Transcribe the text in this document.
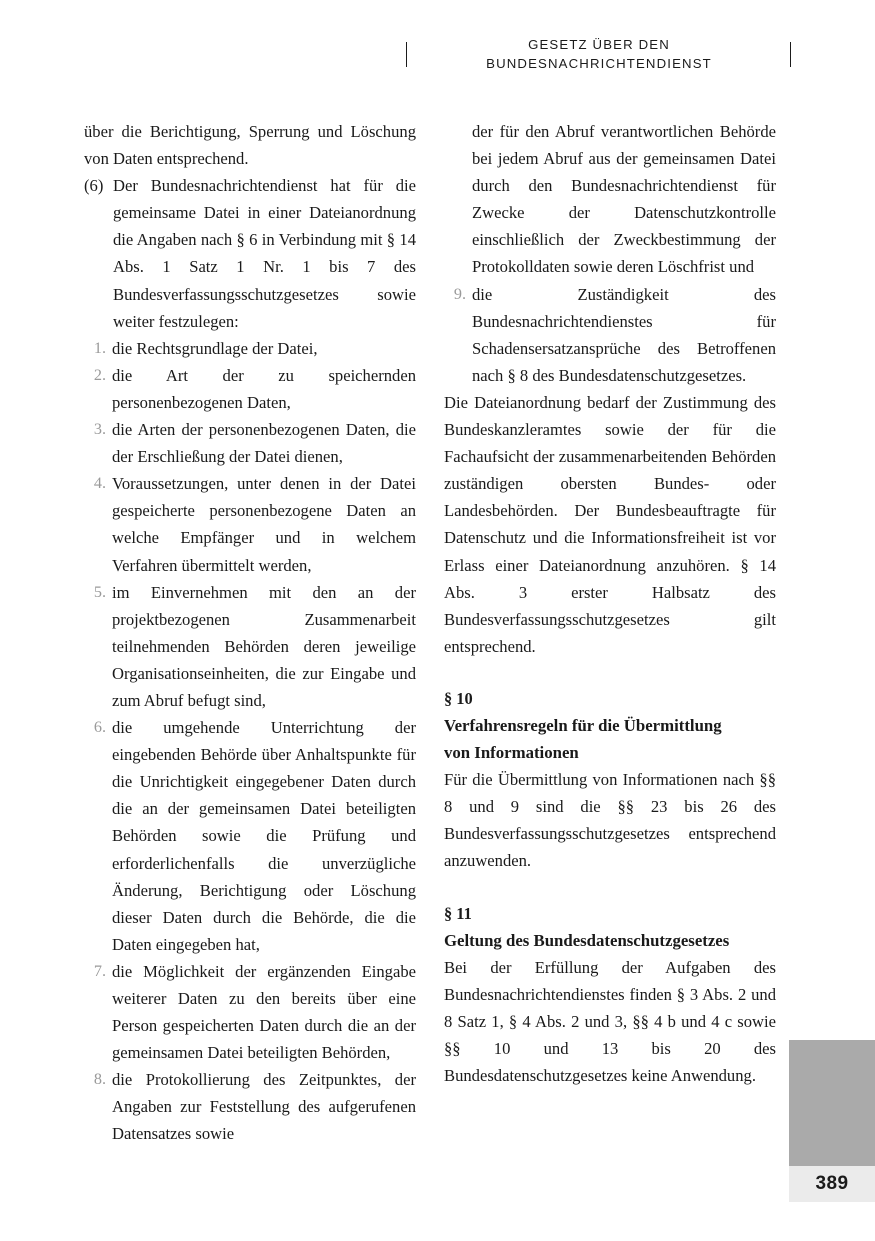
GESETZ ÜBER DEN
BUNDESNACHRICHTENDIENST

über die Berichtigung, Sperrung und Löschung von Daten entsprechend.

(6) Der Bundesnachrichtendienst hat für die gemeinsame Datei in einer Dateianordnung die Angaben nach § 6 in Verbindung mit § 14 Abs. 1 Satz 1 Nr. 1 bis 7 des Bundesverfassungsschutzgesetzes sowie weiter festzulegen:
1. die Rechtsgrundlage der Datei,
2. die Art der zu speichernden personenbezogenen Daten,
3. die Arten der personenbezogenen Daten, die der Erschließung der Datei dienen,
4. Voraussetzungen, unter denen in der Datei gespeicherte personenbezogene Daten an welche Empfänger und in welchem Verfahren übermittelt werden,
5. im Einvernehmen mit den an der projektbezogenen Zusammenarbeit teilnehmenden Behörden deren jeweilige Organisationseinheiten, die zur Eingabe und zum Abruf befugt sind,
6. die umgehende Unterrichtung der eingebenden Behörde über Anhaltspunkte für die Unrichtigkeit eingegebener Daten durch die an der gemeinsamen Datei beteiligten Behörden sowie die Prüfung und erforderlichenfalls die unverzügliche Änderung, Berichtigung oder Löschung dieser Daten durch die Behörde, die die Daten eingegeben hat,
7. die Möglichkeit der ergänzenden Eingabe weiterer Daten zu den bereits über eine Person gespeicherten Daten durch die an der gemeinsamen Datei beteiligten Behörden,
8. die Protokollierung des Zeitpunktes, der Angaben zur Feststellung des aufgerufenen Datensatzes sowie

der für den Abruf verantwortlichen Behörde bei jedem Abruf aus der gemeinsamen Datei durch den Bundesnachrichtendienst für Zwecke der Datenschutzkontrolle einschließlich der Zweckbestimmung der Protokolldaten sowie deren Löschfrist und

9. die Zuständigkeit des Bundesnachrichtendienstes für Schadensersatzansprüche des Betroffenen nach § 8 des Bundesdatenschutzgesetzes.

Die Dateianordnung bedarf der Zustimmung des Bundeskanzleramtes sowie der für die Fachaufsicht der zusammenarbeitenden Behörden zuständigen obersten Bundes- oder Landesbehörden. Der Bundesbeauftragte für Datenschutz und die Informationsfreiheit ist vor Erlass einer Dateianordnung anzuhören. § 14 Abs. 3 erster Halbsatz des Bundesverfassungsschutzgesetzes gilt entsprechend.

§ 10

Verfahrensregeln für die Übermittlung

von Informationen

Für die Übermittlung von Informationen nach §§ 8 und 9 sind die §§ 23 bis 26 des Bundesverfassungsschutzgesetzes entsprechend anzuwenden.

§ 11

Geltung des Bundesdatenschutzgesetzes

Bei der Erfüllung der Aufgaben des Bundesnachrichtendienstes finden § 3 Abs. 2 und 8 Satz 1, § 4 Abs. 2 und 3, §§ 4 b und 4 c sowie §§ 10 und 13 bis 20 des Bundesdatenschutzgesetzes keine Anwendung.

389
